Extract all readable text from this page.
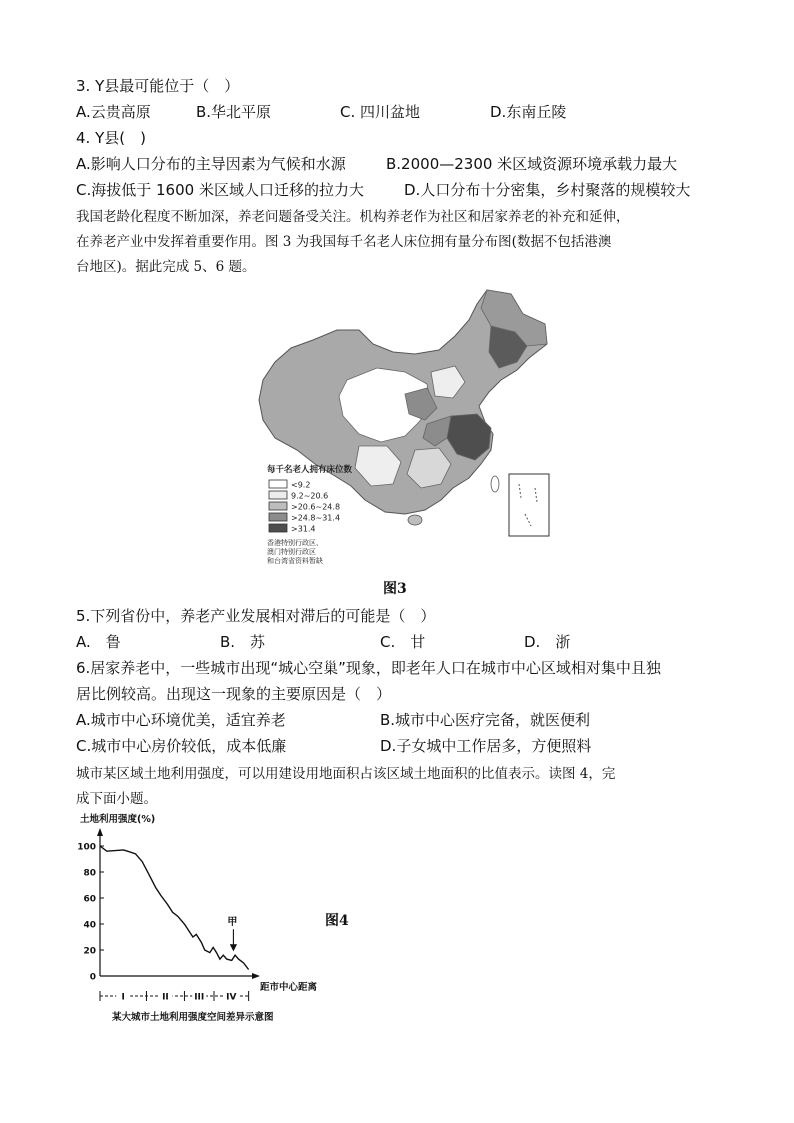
3. Y县最可能位于（　）
A.云贵高原	B.华北平原	C. 四川盆地	D.东南丘陵
4. Y县(　)
A.影响人口分布的主导因素为气候和水源	B.2000—2300 米区域资源环境承载力最大
C.海拔低于 1600 米区域人口迁移的拉力大	D.人口分布十分密集，乡村聚落的规模较大
我国老龄化程度不断加深，养老问题备受关注。机构养老作为社区和居家养老的补充和延伸，
在养老产业中发挥着重要作用。图 3 为我国每千名老人床位拥有量分布图(数据不包括港澳
台地区)。据此完成 5、6 题。
每千名老人拥有床位数
<9.2
9.2~20.6
>20.6~24.8
>24.8~31.4
>31.4
香港特别行政区、
澳门特别行政区
和台湾省资料暂缺
图3
5.下列省份中，养老产业发展相对滞后的可能是（　）
A.　鲁	B.　苏	C.　甘	D.　浙
6.居家养老中，一些城市出现“城心空巢”现象，即老年人口在城市中心区域相对集中且独
居比例较高。出现这一现象的主要原因是（　）
A.城市中心环境优美，适宜养老	B.城市中心医疗完备，就医便利
C.城市中心房价较低，成本低廉	D.子女城中工作居多，方便照料
城市某区域土地利用强度，可以用建设用地面积占该区域土地面积的比值表示。读图 4，完
成下面小题。
土地利用强度(%)
距市中心距离
0
20
40
60
80
100
甲
I	II	III IV
某大城市土地利用强度空间差异示意图
图4
